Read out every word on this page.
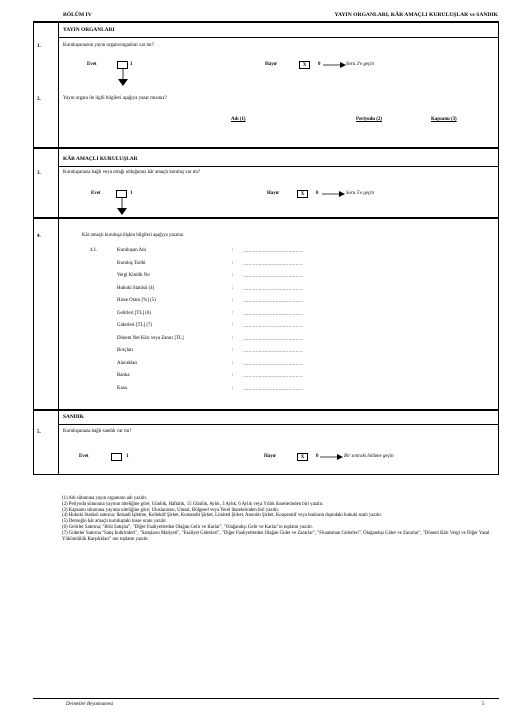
BÖLÜM IV	YAYIN ORGANLARI, KÂR AMAÇLI KURULUŞLAR ve SANDIK
YAYIN ORGANLARI
1.	Kuruluşunuzun yayın organı/organları var mı?
Evet	1	Hayır	X	0	Soru 3'e geçin
2.	Yayın organı ile ilgili bilgileri aşağıya yazar mısınız?
Adı (1)	Periyodu (2)	Kapsamı (3)
KÂR AMAÇLI KURULUŞLAR
3.	Kuruluşunuza bağlı veya ortağı olduğunuz kâr amaçlı kuruluş var mı?
Evet	1	Hayır	X	0	Soru 5'e geçin
4.	Kâr amaçlı kuruluşa ilişkin bilgileri aşağıya yazınız.
4.1.	Kuruluşun Adı	: ..........................................
Kuruluş Tarihi	: ..........................................
Vergi Kimlik No	: ..........................................
Hukuki Statüsü (4)	: ..........................................
Hisse Oranı [%] (5)	: ..........................................
Gelirleri [TL] (6)	: ..........................................
Giderleri [TL] (7)	: ..........................................
Dönem Net Kârı veya Zararı [TL]	: ..........................................
Borçları	: ..........................................
Alacakları	: ..........................................
Banka	: ..........................................
Kasa	: ..........................................
SANDIK
5.	Kuruluşunuza bağlı sandık var mı?
Evet	1	Hayır	X	0	Bir sonraki bölüme geçin
(1) Adı sütununa yayın organının adı yazılır.
(2) Periyodu sütununa yayının niteliğine göre; Günlük, Haftalık, 15 Günlük, Aylık, 3 Aylık, 6 Aylık veya Yıllık ibarelerinden biri yazılır.
(3) Kapsamı sütununa yayının niteliğine göre; Uluslararası, Ulusal, Bölgesel veya Yerel ibarelerinden biri yazılır.
(4) Hukuki Statüsü satırına; İktisadi İşletme, Kollektif Şirket, Komandit Şirket, Limited Şirket, Anonim Şirket, Kooperatif veya bunların dışındaki hukuki statü yazılır.
(5) Derneğin kâr amaçlı kuruluştaki hisse oranı yazılır.
(6) Gelirler Satırına; "Brüt Satışlar", "Diğer Faaliyetlerden Olağan Gelir ve Karlar", "Olağandışı Gelir ve Karlar"ın toplamı yazılır.
(7) Giderler Satırına "Satış İndirimleri", "Satışların Maliyeti", "Faaliyet Giderleri", "Diğer Faaliyetlerden Olağan Gider ve Zararlar", "Finansman Giderleri", Olağandışı Gider ve Zararlar", "Dönem Kârı Vergi ve Diğer Yasal Yükümlülük Karşılıkları" nın toplamı yazılır.
Dernekler Beyannamesi	5
